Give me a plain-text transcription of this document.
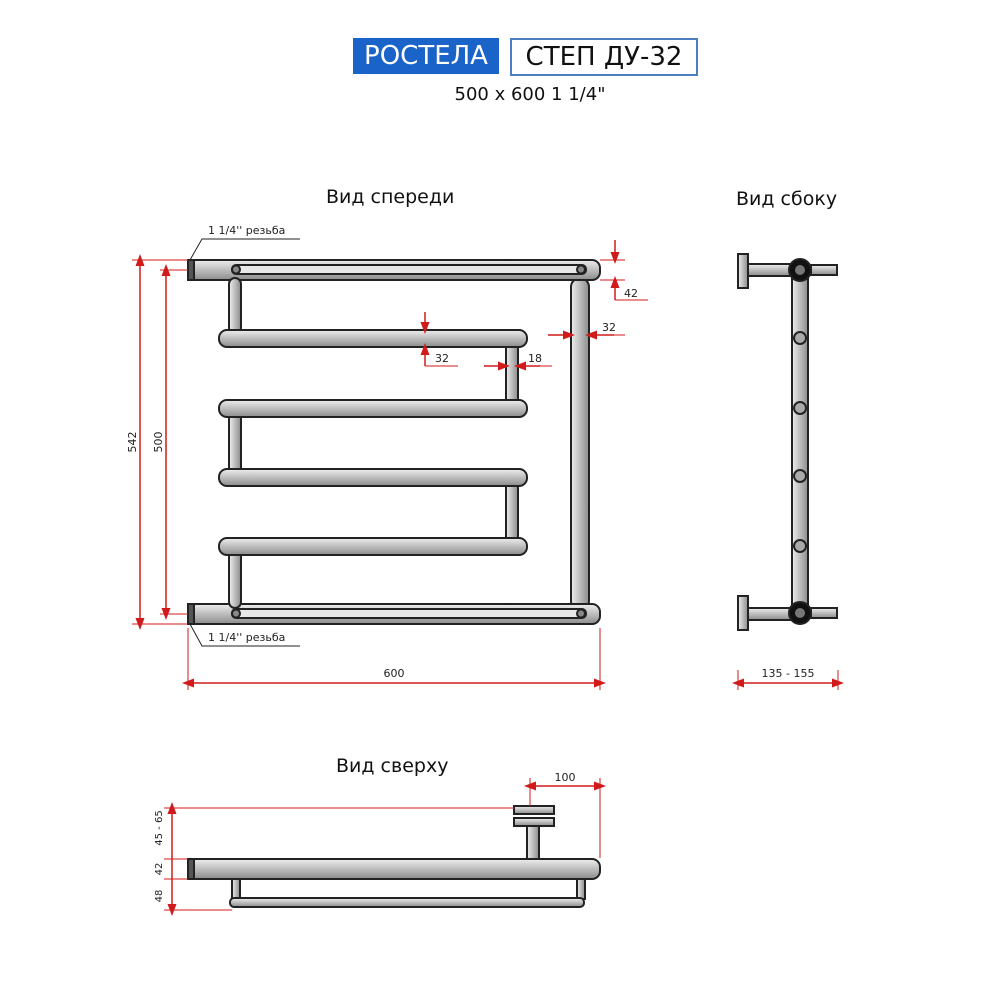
РОСТЕЛА	СТЕП ДУ-32
500 x 600 1 1/4"
Вид спереди	Вид сбоку
Вид сверху
1 1/4'' резьба
1 1/4'' резьба
542 500
600
42
32
32	18
135 - 155
100
45 - 65
42
48
